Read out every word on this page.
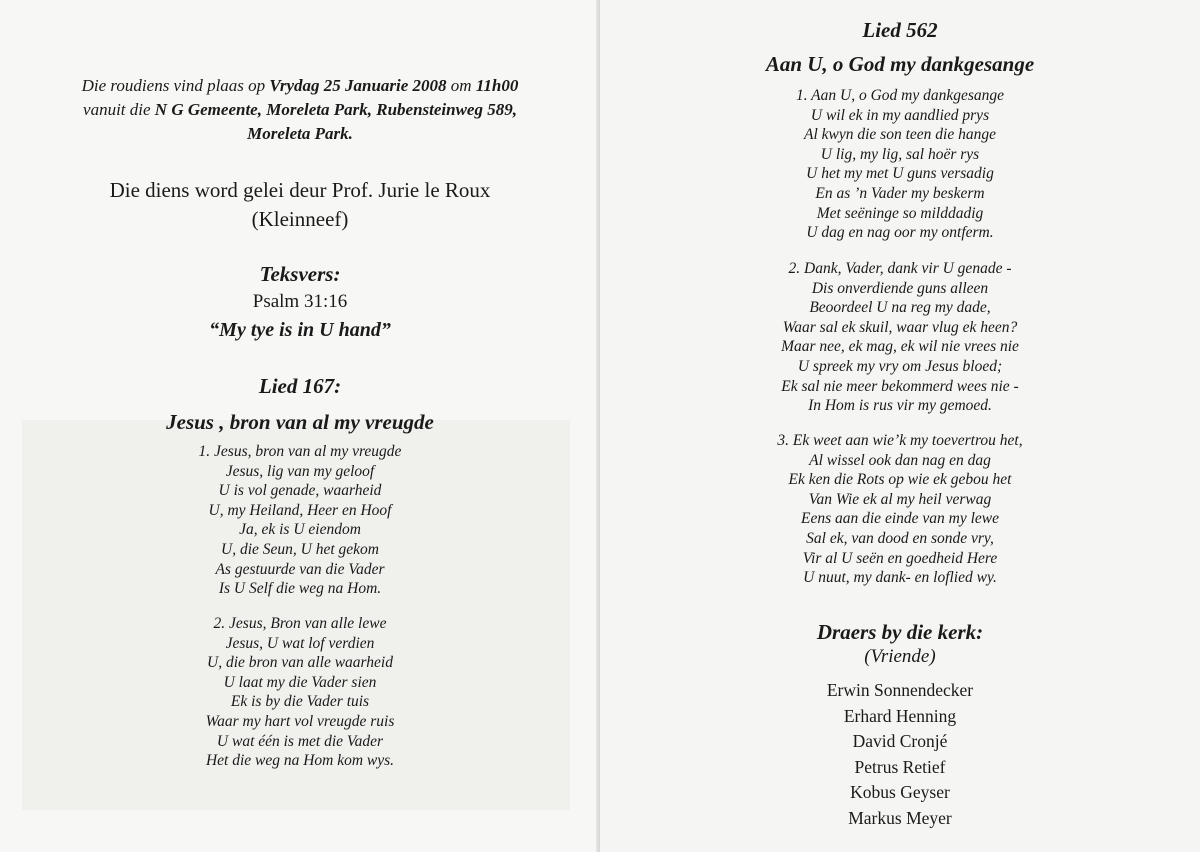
Die roudiens vind plaas op Vrydag 25 Januarie 2008 om 11h00
vanuit die N G Gemeente, Moreleta Park, Rubensteinweg 589,
Moreleta Park.
Die diens word gelei deur Prof. Jurie le Roux
(Kleinneef)
Teksvers:
Psalm 31:16
“My tye is in U hand”
Lied 167:
Jesus , bron van al my vreugde
1. Jesus, bron van al my vreugde
Jesus, lig van my geloof
U is vol genade, waarheid
U, my Heiland, Heer en Hoof
Ja, ek is U eiendom
U, die Seun, U het gekom
As gestuurde van die Vader
Is U Self die weg na Hom.
2. Jesus, Bron van alle lewe
Jesus, U wat lof verdien
U, die bron van alle waarheid
U laat my die Vader sien
Ek is by die Vader tuis
Waar my hart vol vreugde ruis
U wat één is met die Vader
Het die weg na Hom kom wys.
Lied 562
Aan U, o God my dankgesange
1. Aan U, o God my dankgesange
U wil ek in my aandlied prys
Al kwyn die son teen die hange
U lig, my lig, sal hoër rys
U het my met U guns versadig
En as ’n Vader my beskerm
Met seëninge so milddadig
U dag en nag oor my ontferm.
2. Dank, Vader, dank vir U genade -
Dis onverdiende guns alleen
Beoordeel U na reg my dade,
Waar sal ek skuil, waar vlug ek heen?
Maar nee, ek mag, ek wil nie vrees nie
U spreek my vry om Jesus bloed;
Ek sal nie meer bekommerd wees nie -
In Hom is rus vir my gemoed.
3. Ek weet aan wie’k my toevertrou het,
Al wissel ook dan nag en dag
Ek ken die Rots op wie ek gebou het
Van Wie ek al my heil verwag
Eens aan die einde van my lewe
Sal ek, van dood en sonde vry,
Vir al U seën en goedheid Here
U nuut, my dank- en loflied wy.
Draers by die kerk:
(Vriende)
Erwin Sonnendecker
Erhard Henning
David Cronjé
Petrus Retief
Kobus Geyser
Markus Meyer
